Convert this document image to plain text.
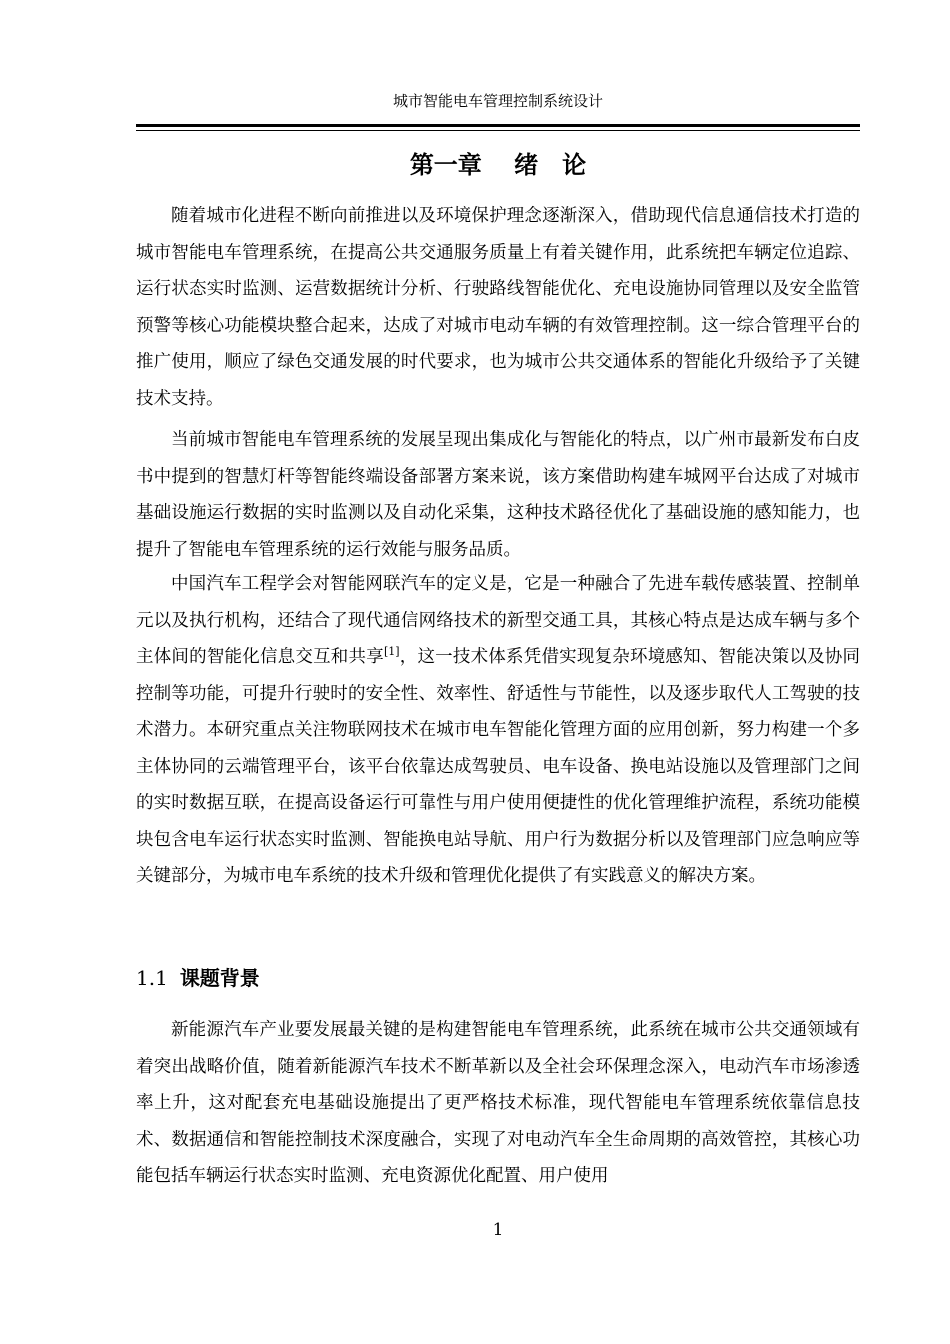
城市智能电车管理控制系统设计
第一章　 绪　论

随着城市化进程不断向前推进以及环境保护理念逐渐深入，借助现代信息通信技术打造的城市智能电车管理系统，在提高公共交通服务质量上有着关键作用，此系统把车辆定位追踪、运行状态实时监测、运营数据统计分析、行驶路线智能优化、充电设施协同管理以及安全监管预警等核心功能模块整合起来，达成了对城市电动车辆的有效管理控制。这一综合管理平台的推广使用，顺应了绿色交通发展的时代要求，也为城市公共交通体系的智能化升级给予了关键技术支持。

当前城市智能电车管理系统的发展呈现出集成化与智能化的特点，以广州市最新发布白皮书中提到的智慧灯杆等智能终端设备部署方案来说，该方案借助构建车城网平台达成了对城市基础设施运行数据的实时监测以及自动化采集，这种技术路径优化了基础设施的感知能力，也提升了智能电车管理系统的运行效能与服务品质。

中国汽车工程学会对智能网联汽车的定义是，它是一种融合了先进车载传感装置、控制单元以及执行机构，还结合了现代通信网络技术的新型交通工具，其核心特点是达成车辆与多个主体间的智能化信息交互和共享[1]，这一技术体系凭借实现复杂环境感知、智能决策以及协同控制等功能，可提升行驶时的安全性、效率性、舒适性与节能性，以及逐步取代人工驾驶的技术潜力。本研究重点关注物联网技术在城市电车智能化管理方面的应用创新，努力构建一个多主体协同的云端管理平台，该平台依靠达成驾驶员、电车设备、换电站设施以及管理部门之间的实时数据互联，在提高设备运行可靠性与用户使用便捷性的优化管理维护流程，系统功能模块包含电车运行状态实时监测、智能换电站导航、用户行为数据分析以及管理部门应急响应等关键部分，为城市电车系统的技术升级和管理优化提供了有实践意义的解决方案。

1.1 课题背景

新能源汽车产业要发展最关键的是构建智能电车管理系统，此系统在城市公共交通领域有着突出战略价值，随着新能源汽车技术不断革新以及全社会环保理念深入，电动汽车市场渗透率上升，这对配套充电基础设施提出了更严格技术标准，现代智能电车管理系统依靠信息技术、数据通信和智能控制技术深度融合，实现了对电动汽车全生命周期的高效管控，其核心功能包括车辆运行状态实时监测、充电资源优化配置、用户使用

1
